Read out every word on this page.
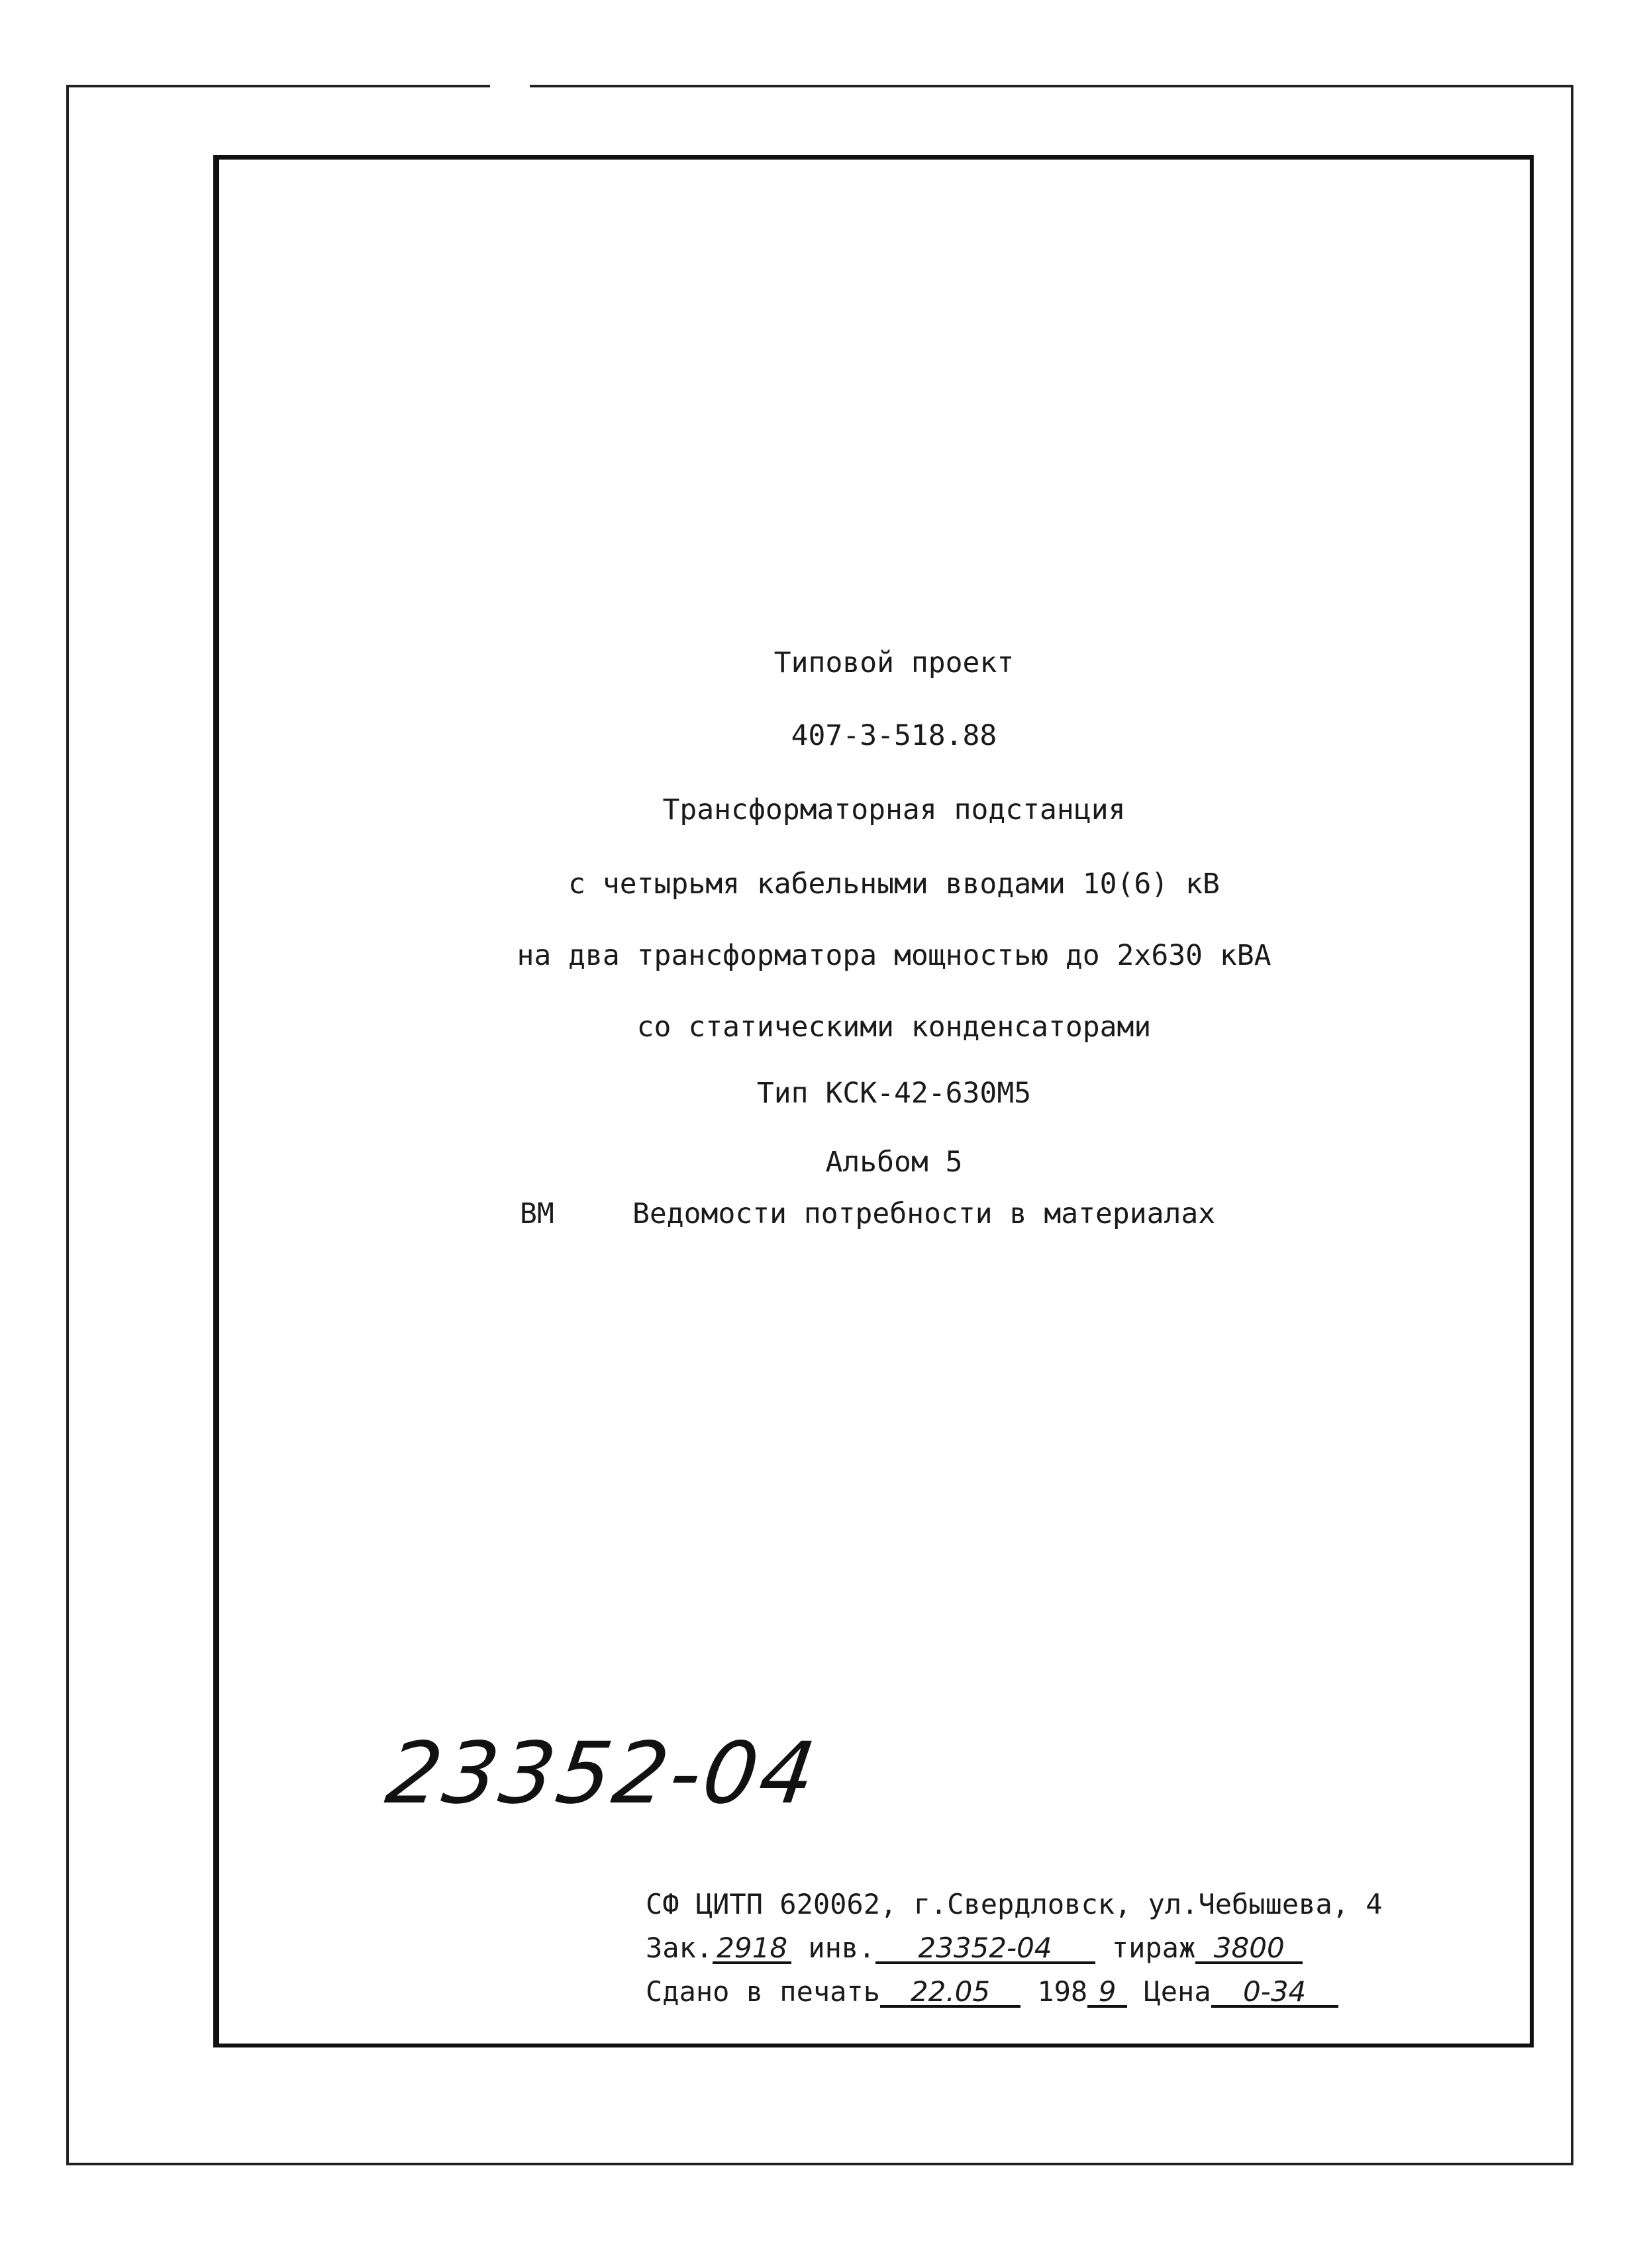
Типовой проект
407-3-518.88
Трансформаторная подстанция
с четырьмя кабельными вводами 10(6) кВ
на два трансформатора мощностью до 2х630 кВА
со статическими конденсаторами
Тип КСК-42-630М5
Альбом 5
ВМ	Ведомости потребности в материалах
23352-04
СФ ЦИТП 620062, г.Свердловск, ул.Чебышева, 4
Зак. 2918 инв. 23352-04 тираж 3800
Сдано в печать 22.05 198 9 Цена 0-34
